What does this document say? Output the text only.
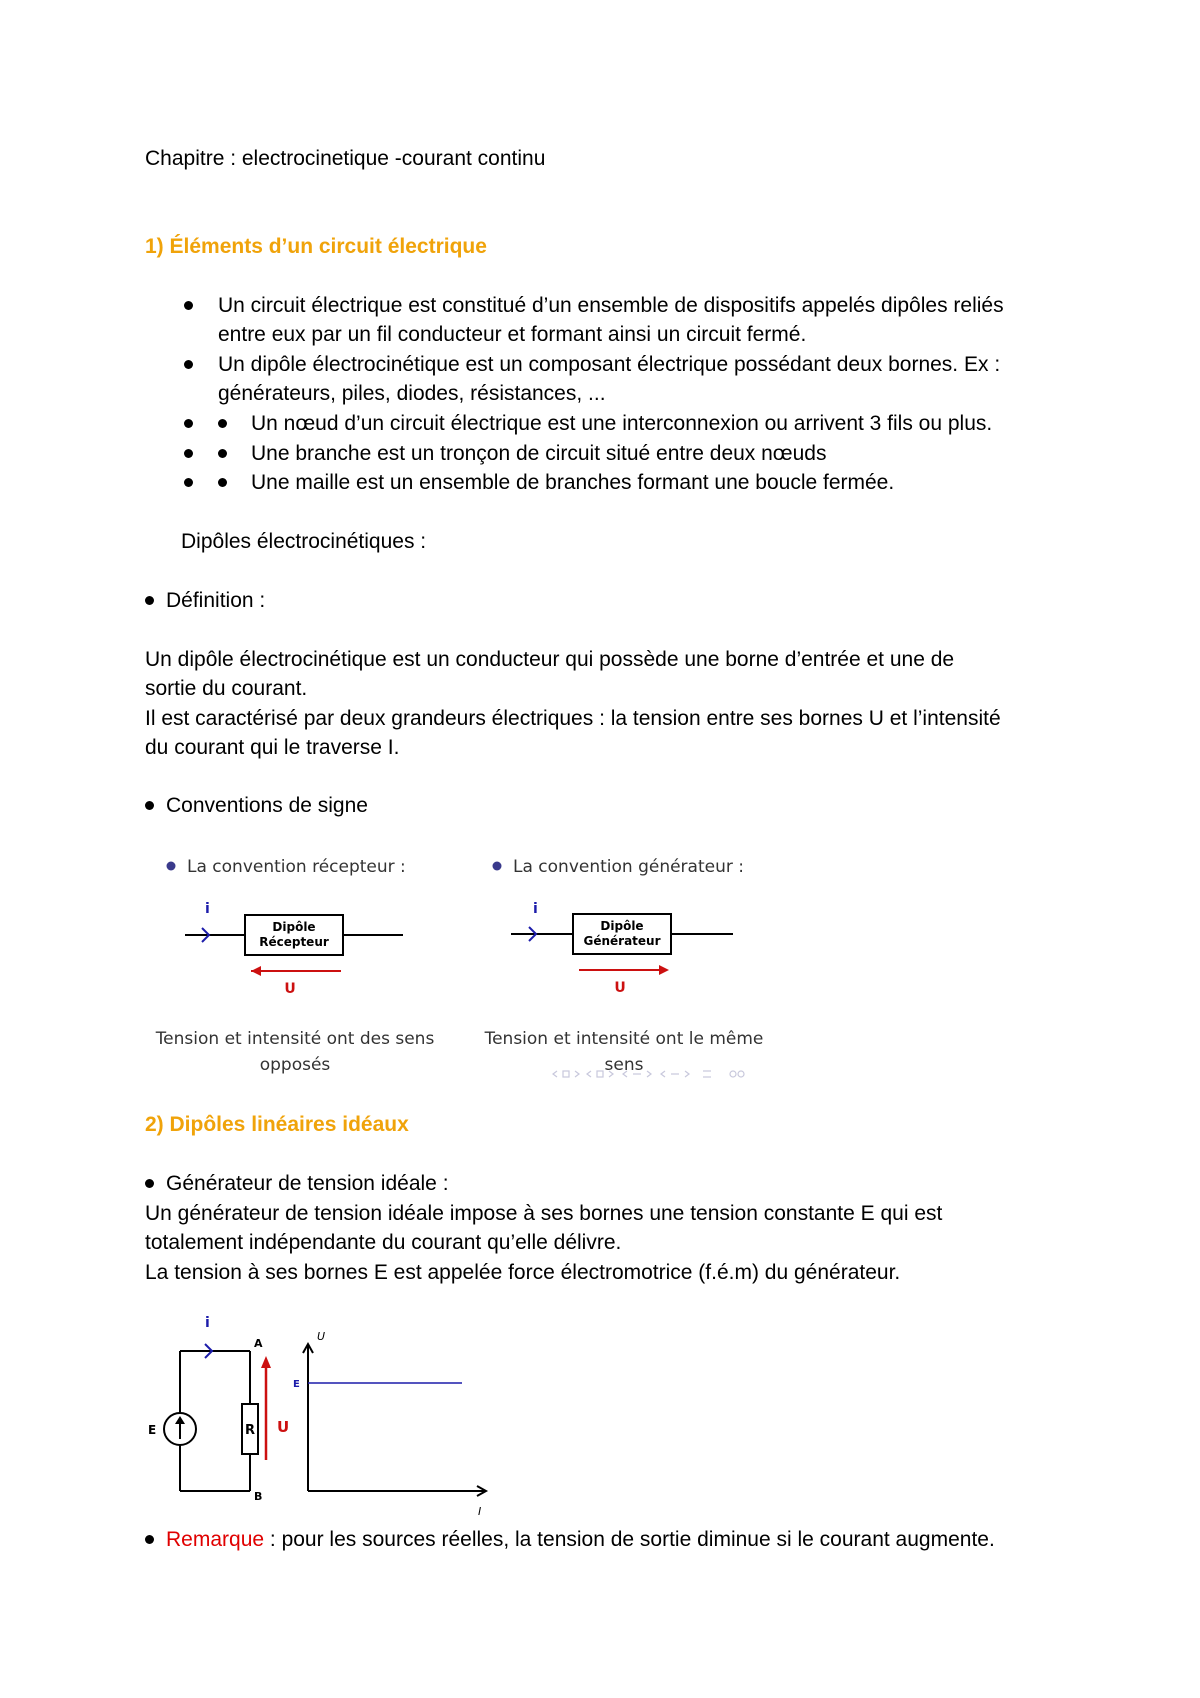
Chapitre : electrocinetique -courant continu
1) Éléments d’un circuit électrique
Un circuit électrique est constitué d’un ensemble de dispositifs appelés dipôles reliés
entre eux par un fil conducteur et formant ainsi un circuit fermé.
Un dipôle électrocinétique est un composant électrique possédant deux bornes. Ex :
générateurs, piles, diodes, résistances, ...
Un nœud d’un circuit électrique est une interconnexion ou arrivent 3 fils ou plus.
Une branche est un tronçon de circuit situé entre deux nœuds
Une maille est un ensemble de branches formant une boucle fermée.
Dipôles électrocinétiques :
Définition :
Un dipôle électrocinétique est un conducteur qui possède une borne d’entrée et une de
sortie du courant.
Il est caractérisé par deux grandeurs électriques : la tension entre ses bornes U et l’intensité
du courant qui le traverse I.
Conventions de signe
La convention récepteur :
i
Dipôle
Récepteur
U
Tension et intensité ont des sens
opposés
La convention générateur :
i
Dipôle
Générateur
U
Tension et intensité ont le même
sens
2) Dipôles linéaires idéaux
Générateur de tension idéale :
Un générateur de tension idéale impose à ses bornes une tension constante E qui est
totalement indépendante du courant qu’elle délivre.
La tension à ses bornes E est appelée force électromotrice (f.é.m) du générateur.
i
A
B
E	R U
U
I
E
Remarque : pour les sources réelles, la tension de sortie diminue si le courant augmente.
